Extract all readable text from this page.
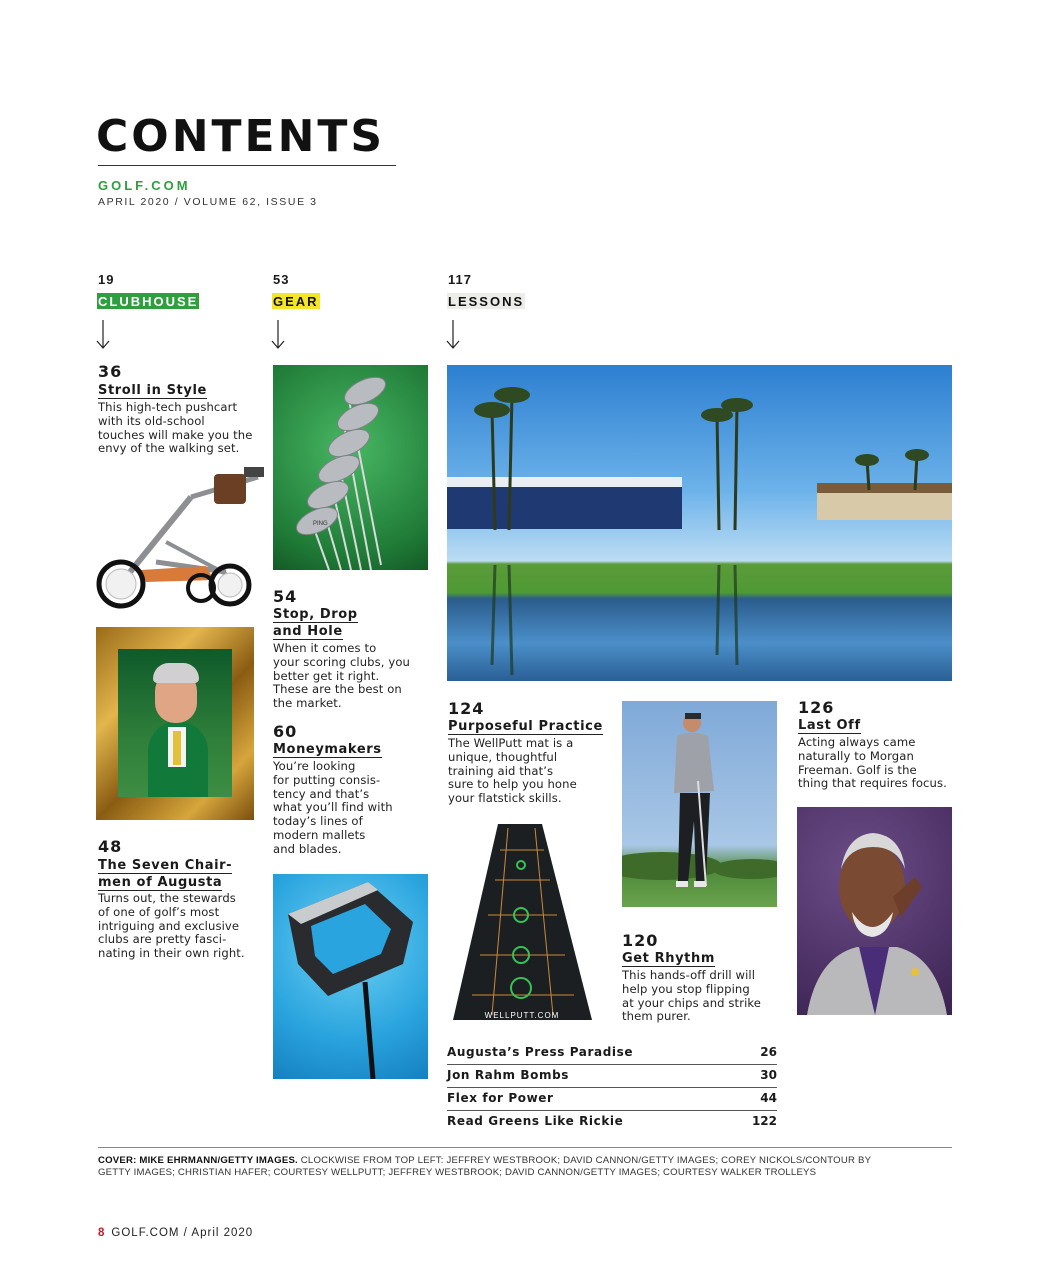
CONTENTS
GOLF.COM
APRIL 2020 / VOLUME 62, ISSUE 3
19
CLUBHOUSE
53
GEAR
117
LESSONS
36
Stroll in Style
This high-tech pushcart
with its old-school
touches will make you the
envy of the walking set.
48
The Seven Chair-
men of Augusta
Turns out, the stewards
of one of golf’s most
intriguing and exclusive
clubs are pretty fasci-
nating in their own right.
PING
54
Stop, Drop
and Hole
When it comes to
your scoring clubs, you
better get it right.
These are the best on
the market.
60
Moneymakers
You’re looking
for putting consis-
tency and that’s
what you’ll find with
today’s lines of
modern mallets
and blades.
124
Purposeful Practice
The WellPutt mat is a
unique, thoughtful
training aid that’s
sure to help you hone
your flatstick skills.
WELLPUTT.COM
120
Get Rhythm
This hands-off drill will
help you stop flipping
at your chips and strike
them purer.
126
Last Off
Acting always came
naturally to Morgan
Freeman. Golf is the
thing that requires focus.
Augusta’s Press Paradise	26
Jon Rahm Bombs	30
Flex for Power	44
Read Greens Like Rickie	122
COVER: MIKE EHRMANN/GETTY IMAGES. CLOCKWISE FROM TOP LEFT: JEFFREY WESTBROOK; DAVID CANNON/GETTY IMAGES; COREY NICKOLS/CONTOUR BY
GETTY IMAGES; CHRISTIAN HAFER; COURTESY WELLPUTT; JEFFREY WESTBROOK; DAVID CANNON/GETTY IMAGES; COURTESY WALKER TROLLEYS
8 GOLF.COM / April 2020
